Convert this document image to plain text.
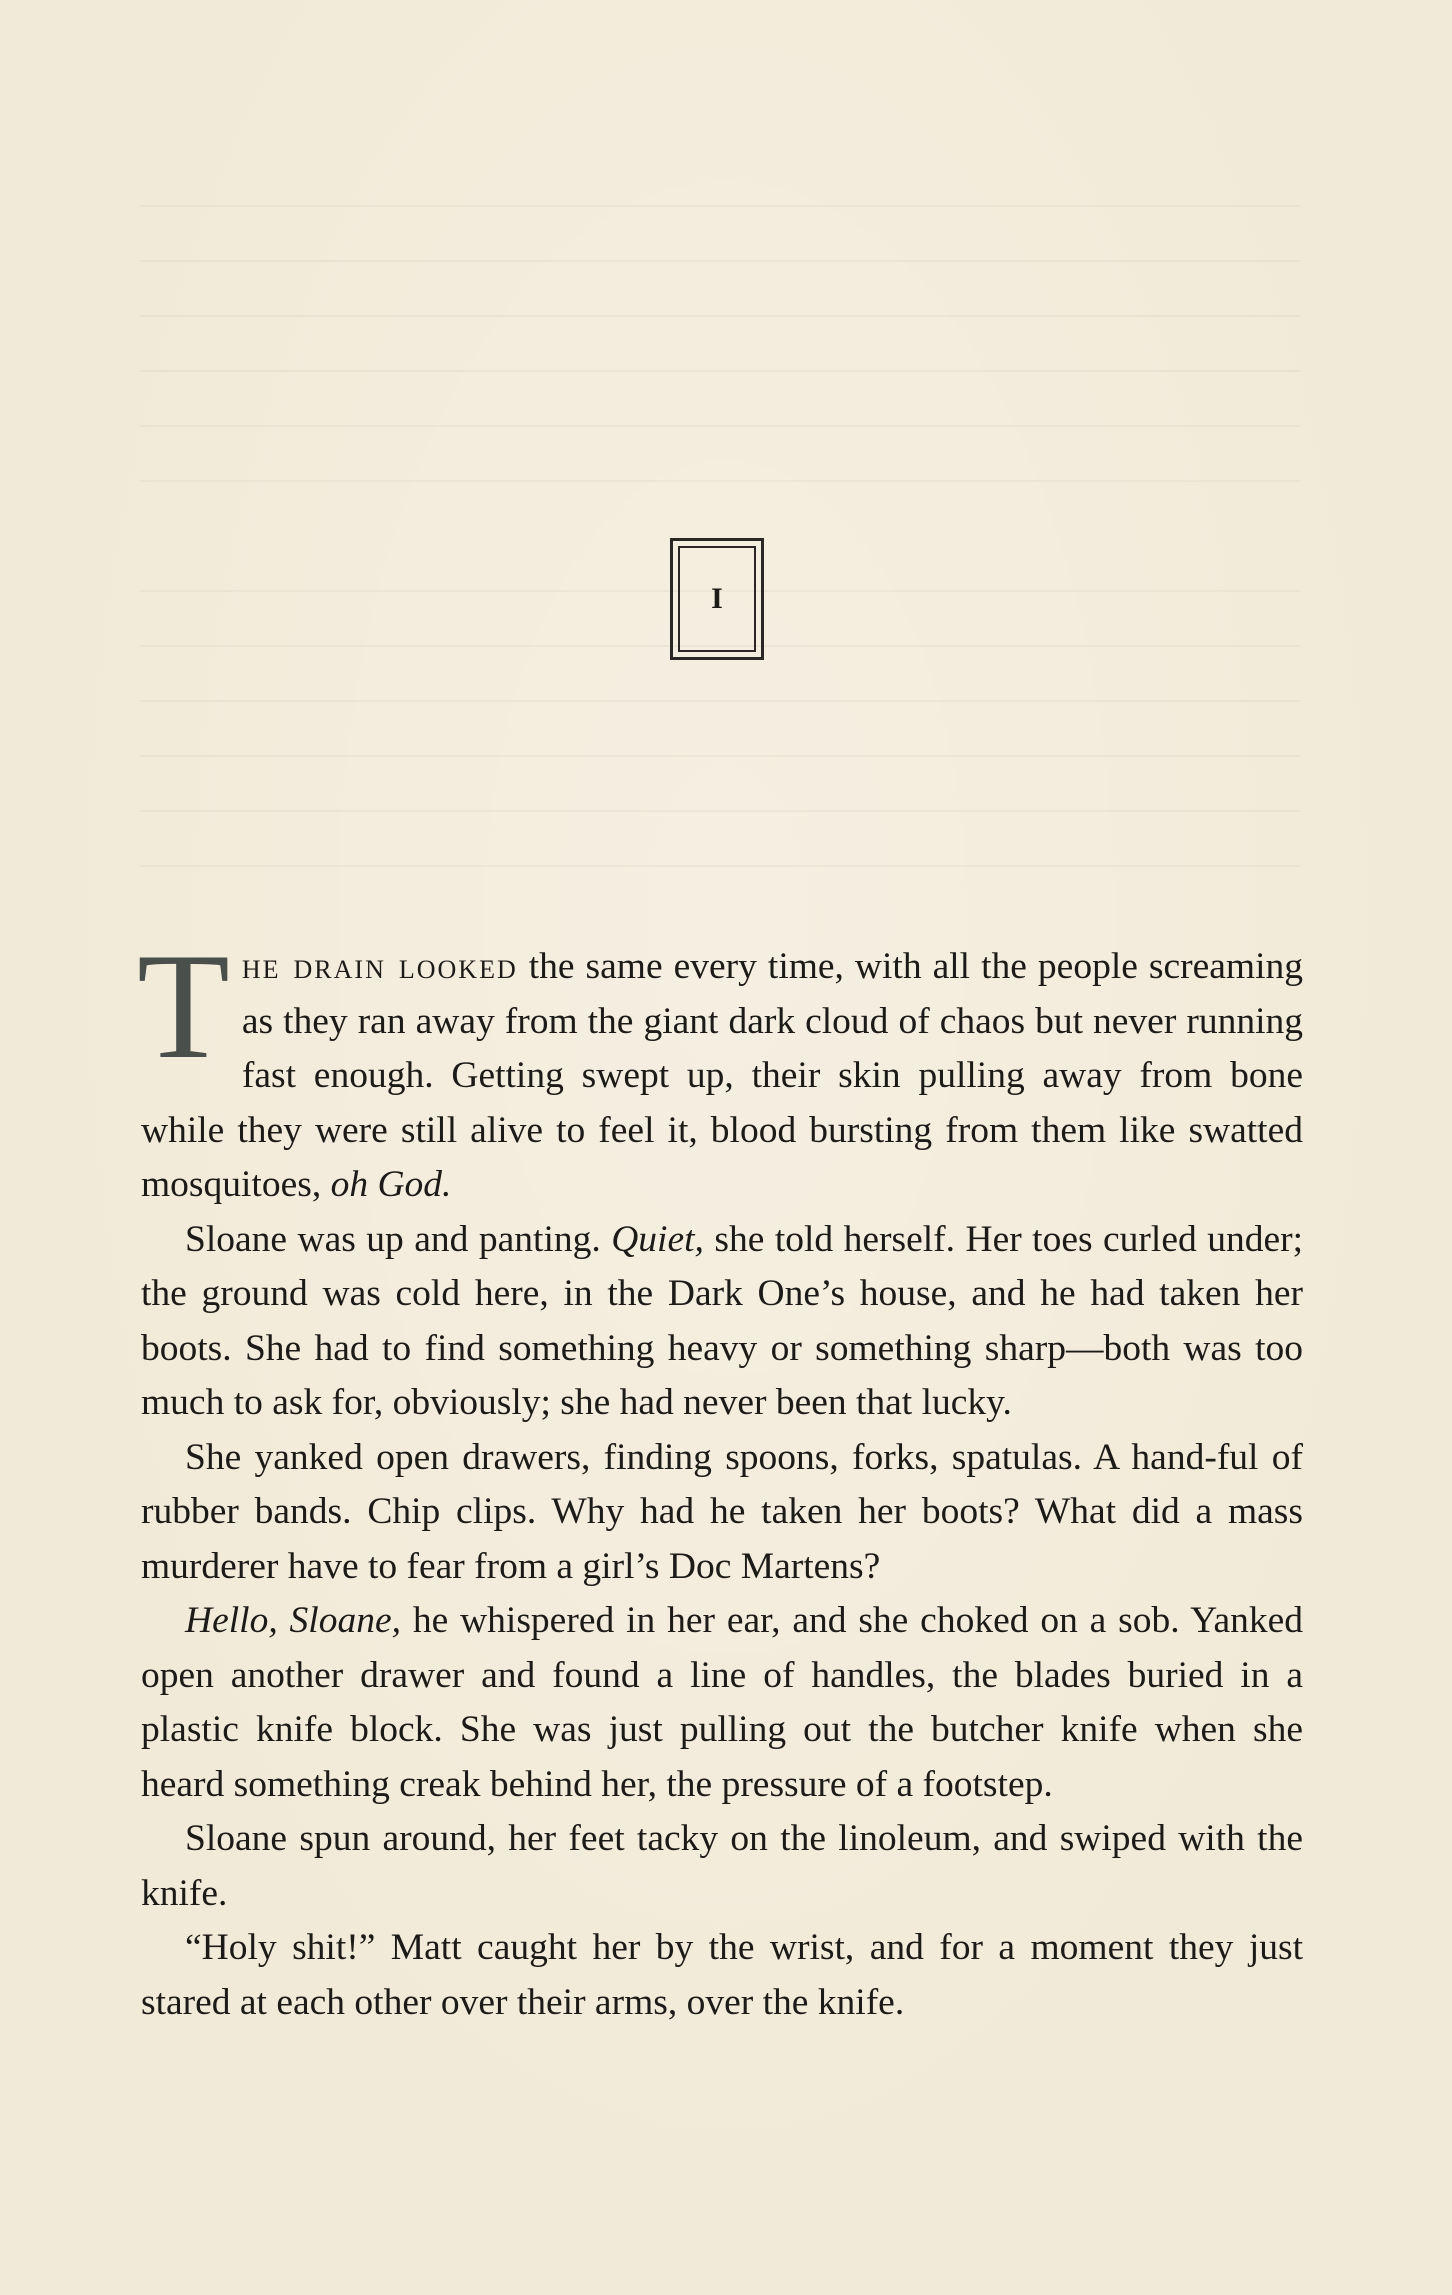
I

The drain looked the same every time, with all the people screaming as they ran away from the giant dark cloud of chaos but never running fast enough. Getting swept up, their skin pulling away from bone while they were still alive to feel it, blood bursting from them like swatted mosquitoes, oh God.

Sloane was up and panting. Quiet, she told herself. Her toes curled under; the ground was cold here, in the Dark One’s house, and he had taken her boots. She had to find something heavy or something sharp—both was too much to ask for, obviously; she had never been that lucky.

She yanked open drawers, finding spoons, forks, spatulas. A hand-ful of rubber bands. Chip clips. Why had he taken her boots? What did a mass murderer have to fear from a girl’s Doc Martens?

Hello, Sloane, he whispered in her ear, and she choked on a sob. Yanked open another drawer and found a line of handles, the blades buried in a plastic knife block. She was just pulling out the butcher knife when she heard something creak behind her, the pressure of a footstep.

Sloane spun around, her feet tacky on the linoleum, and swiped with the knife.

“Holy shit!” Matt caught her by the wrist, and for a moment they just stared at each other over their arms, over the knife.
